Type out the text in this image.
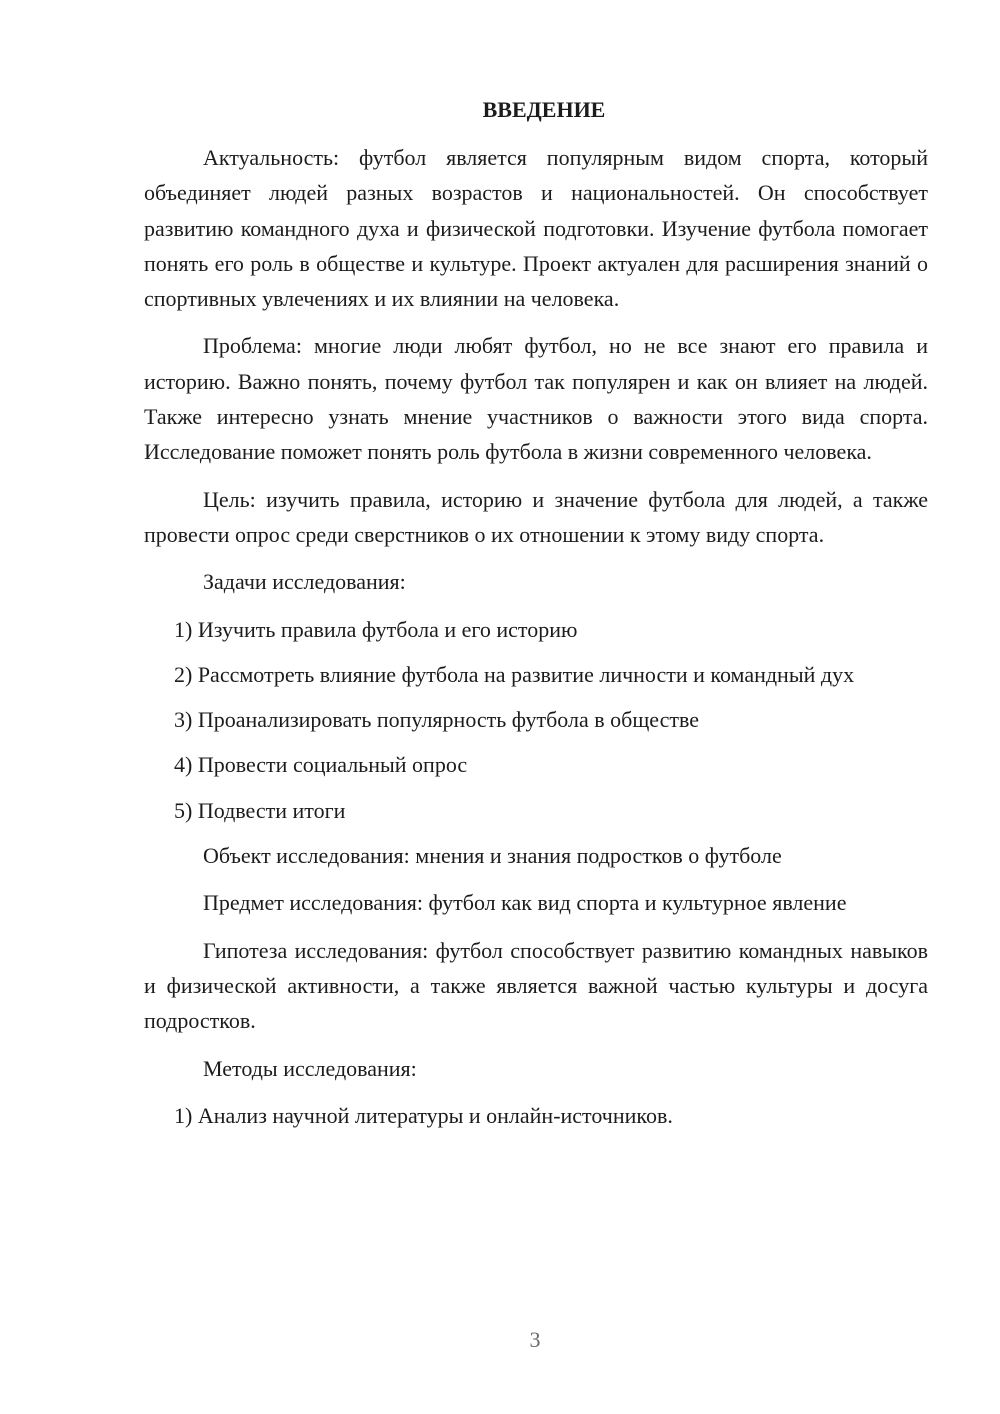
ВВЕДЕНИЕ

Актуальность: футбол является популярным видом спорта, который объединяет людей разных возрастов и национальностей. Он способствует развитию командного духа и физической подготовки. Изучение футбола помогает понять его роль в обществе и культуре. Проект актуален для расширения знаний о спортивных увлечениях и их влиянии на человека.

Проблема: многие люди любят футбол, но не все знают его правила и историю. Важно понять, почему футбол так популярен и как он влияет на людей. Также интересно узнать мнение участников о важности этого вида спорта. Исследование поможет понять роль футбола в жизни современного человека.

Цель: изучить правила, историю и значение футбола для людей, а также провести опрос среди сверстников о их отношении к этому виду спорта.

Задачи исследования:

1) Изучить правила футбола и его историю

2) Рассмотреть влияние футбола на развитие личности и командный дух

3) Проанализировать популярность футбола в обществе

4) Провести социальный опрос

5) Подвести итоги

Объект исследования: мнения и знания подростков о футболе

Предмет исследования: футбол как вид спорта и культурное явление

Гипотеза исследования: футбол способствует развитию командных навыков и физической активности, а также является важной частью культуры и досуга подростков.

Методы исследования:

1) Анализ научной литературы и онлайн-источников.

3
